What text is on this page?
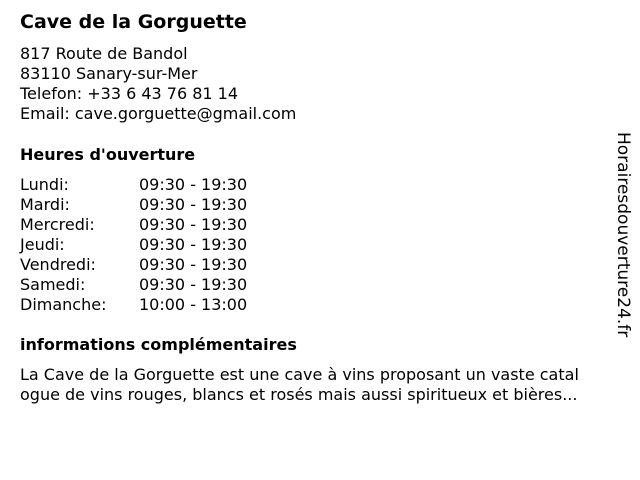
Cave de la Gorguette
817 Route de Bandol
83110 Sanary-sur-Mer
Telefon: +33 6 43 76 81 14
Email: cave.gorguette@gmail.com
Heures d'ouverture
Lundi:	09:30 - 19:30
Mardi:	09:30 - 19:30
Mercredi:	09:30 - 19:30
Jeudi:	09:30 - 19:30
Vendredi:	09:30 - 19:30
Samedi:	09:30 - 19:30
Dimanche: 10:00 - 13:00
informations complémentaires
La Cave de la Gorguette est une cave à vins proposant un vaste catal
ogue de vins rouges, blancs et rosés mais aussi spiritueux et bières...
Horairesdouverture24.fr
